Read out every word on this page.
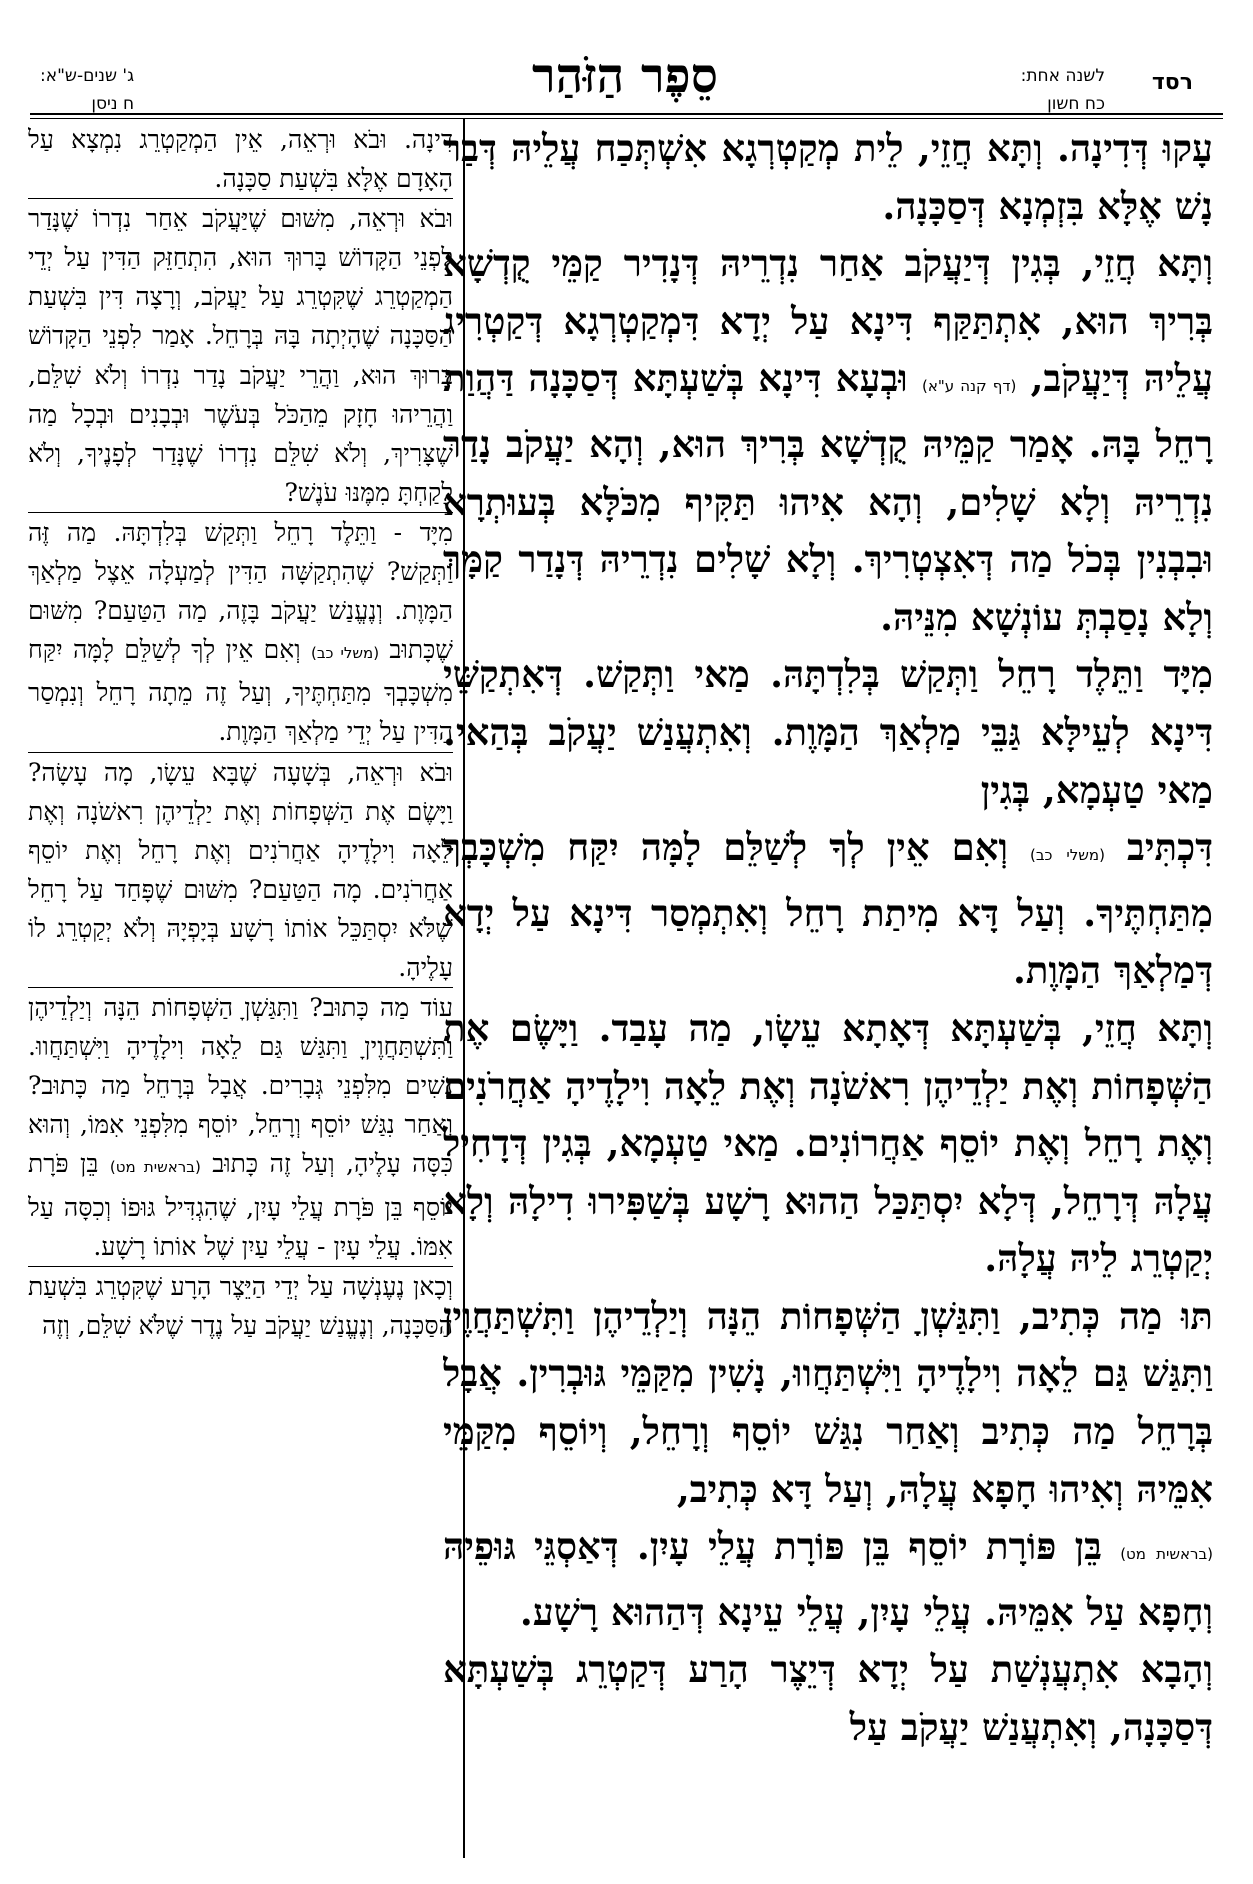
רסד
לשנה אחת:
כח חשון
סֵפֶר הַזֹּהַר
ג' שנים-ש"א:
ח ניסן

עָקוּ דְּדִינָה. וְתָּא חֲזֵי, לֵית מְקַטְרְגָא אִשְׁתְּכַח עֲלֵיהּ דְּבַר נָשׁ אֶלָּא בִּזְמְנָא דְּסַכָּנָה.

וְתָּא חֲזֵי, בְּגִין דְּיַעֲקֹב אַחַר נִדְרֵיהּ דְּנָדִיר קַמֵּי קֻדְשָׁא בְּרִיךְ הוּא, אִתְתַּקַּף דִּינָא עַל יְדָא דִּמְקַטְרְגָא דְּקַטְרִיג עֲלֵיהּ דְּיַעֲקֹב, (דף קנה ע"א) וּבְעָא דִּינָא בְּשַׁעְתָּא דְּסַכָּנָה דַּהֲוַת רָחֵל בָּהּ. אָמַר קַמֵּיהּ קֻדְשָׁא בְּרִיךְ הוּא, וְהָא יַעֲקֹב נָדַר נִדְרֵיהּ וְלָא שָׁלִים, וְהָא אִיהוּ תַּקִּיף מִכֹּלָּא בְּעוּתְרָא וּבִבְנִין בְּכֹל מַה דְּאִצְטְרִיךְ. וְלָא שָׁלִים נִדְרֵיהּ דְּנָדַר קַמָּךְ וְלָא נָסַבְתְּ עוֹנְשָׁא מִנֵּיהּ.

מִיָּד וַתֵּלֶד רָחֵל וַתְּקַשׁ בְּלִדְתָּהּ. מַאי וַתְּקַשׁ. דְּאִתְקַשֵּׁי דִּינָא לְעֵילָּא גַּבֵּי מַלְאַךְ הַמָּוֶת. וְאִתְעֲנַשׁ יַעֲקֹב בְּהַאי. מַאי טַעְמָא, בְּגִין

דִּכְתִּיב (משלי כב) וְאִם אֵין לְךָ לְשַׁלֵּם לָמָּה יִקַּח מִשְׁכָּבְךָ מִתַּחְתֶּיךָ. וְעַל דָּא מִיתַת רָחֵל וְאִתְמְסַר דִּינָא עַל יְדָא דְּמַלְאַךְ הַמָּוֶת.

וְתָּא חֲזֵי, בְּשַׁעְתָּא דְּאָתָא עֵשָׂו, מַה עָבַד. וַיָּשֶׂם אֶת הַשְּׁפָחוֹת וְאֶת יַלְדֵיהֶן רִאשֹׁנָה וְאֶת לֵאָה וִילָדֶיהָ אַחֲרֹנִים וְאֶת רָחֵל וְאֶת יוֹסֵף אַחֲרוֹנִים. מַאי טַעְמָא, בְּגִין דְּדָחִיל עֲלָהּ דְּרָחֵל, דְּלָא יִסְתַּכַּל הַהוּא רָשָׁע בְּשַׁפִּירוּ דִילָהּ וְלָא יְקַטְרֵג לֵיהּ עֲלָהּ.

תּוּ מַה כְּתִיב, וַתִּגַּשְׁןָ הַשְּׁפָחוֹת הֵנָּה וְיַלְדֵיהֶן וַתִּשְׁתַּחֲוֶיןָ וַתִּגַּשׁ גַּם לֵאָה וִילָדֶיהָ וַיִּשְׁתַּחֲווּ, נָשִׁין מִקַּמֵּי גּוּבְרִין. אֲבָל בְּרָחֵל מַה כְּתִיב וְאַחַר נִגַּשׁ יוֹסֵף וְרָחֵל, וְיוֹסֵף מִקַּמֵּי אִמֵּיהּ וְאִיהוּ חָפָא עֲלָהּ, וְעַל דָּא כְּתִיב,

(בראשית מט) בֵּן פּוֹרָת יוֹסֵף בֵּן פּוֹרָת עֲלֵי עָיִן. דְּאַסְגֵּי גּוּפֵיהּ וְחָפָא עַל אִמֵּיהּ. עֲלֵי עָיִן, עֲלֵי עֵינָא דְּהַהוּא רָשָׁע.

וְהָבָא אִתְעֲנְשַׁת עַל יְדָא דְּיֵצֶר הָרַע דְּקַטְרֵג בְּשַׁעְתָּא דְּסַכָּנָה, וְאִתְעֲנַשׁ יַעֲקֹב עַל

דִּינָה. וּבֹא וּרְאֵה, אֵין הַמְקַטְרֵג נִמְצָא עַל הָאָדָם אֶלָּא בִּשְׁעַת סַכָּנָה.

וּבֹא וּרְאֵה, מִשּׁוּם שֶׁיַּעֲקֹב אֵחַר נִדְרוֹ שֶׁנָּדַר לִפְנֵי הַקָּדוֹשׁ בָּרוּךְ הוּא, הִתְחַזֵּק הַדִּין עַל יְדֵי הַמְקַטְרֵג שֶׁקִּטְרֵג עַל יַעֲקֹב, וְרָצָה דִּין בִּשְׁעַת הַסַּכָּנָה שֶׁהָיְתָה בָּהּ בְּרָחֵל. אָמַר לִפְנֵי הַקָּדוֹשׁ בָּרוּךְ הוּא, וַהֲרֵי יַעֲקֹב נָדַר נִדְרוֹ וְלֹא שִׁלֵּם, וַהֲרֵיהוּ חָזָק מֵהַכֹּל בְּעֹשֶׁר וּבְבָנִים וּבְכָל מַה שֶׁצָּרִיךְ, וְלֹא שִׁלֵּם נִדְרוֹ שֶׁנָּדַר לְפָנֶיךָ, וְלֹא לָקַחְתָּ מִמֶּנּוּ עֹנֶשׁ?

מִיָּד - וַתֵּלֶד רָחֵל וַתְּקַשׁ בְּלִדְתָּהּ. מַה זֶּה וַתְּקַשׁ? שֶׁהִתְקַשָּׁה הַדִּין לְמַעְלָה אֵצֶל מַלְאַךְ הַמָּוֶת. וְנֶעֱנַשׁ יַעֲקֹב בָּזֶה, מַה הַטַּעַם? מִשּׁוּם שֶׁכָּתוּב (משלי כב) וְאִם אֵין לְךָ לְשַׁלֵּם לָמָּה יִקַּח מִשְׁכָּבְךָ מִתַּחְתֶּיךָ, וְעַל זֶה מֵתָה רָחֵל וְנִמְסַר הַדִּין עַל יְדֵי מַלְאַךְ הַמָּוֶת.

וּבֹא וּרְאֵה, בְּשָׁעָה שֶׁבָּא עֵשָׂו, מָה עָשָׂה? וַיָּשֶׂם אֶת הַשְּׁפָחוֹת וְאֶת יַלְדֵיהֶן רִאשֹׁנָה וְאֶת לֵאָה וִילָדֶיהָ אַחֲרֹנִים וְאֶת רָחֵל וְאֶת יוֹסֵף אַחֲרֹנִים. מָה הַטַּעַם? מִשּׁוּם שֶׁפָּחַד עַל רָחֵל שֶׁלֹּא יִסְתַּכֵּל אוֹתוֹ רָשָׁע בְּיָפְיָהּ וְלֹא יְקַטְרֵג לוֹ עָלֶיהָ.

עוֹד מַה כָּתוּב? וַתִּגַּשְׁןָ הַשְּׁפָחוֹת הֵנָּה וְיַלְדֵיהֶן וַתִּשְׁתַּחֲוֶיןָ וַתִּגַּשׁ גַּם לֵאָה וִילָדֶיהָ וַיִּשְׁתַּחֲווּ. נָשִׁים מִלִּפְנֵי גְּבָרִים. אֲבָל בְּרָחֵל מַה כָּתוּב? וְאַחַר נִגַּשׁ יוֹסֵף וְרָחֵל, יוֹסֵף מִלִּפְנֵי אִמּוֹ, וְהוּא כִּסָּה עָלֶיהָ, וְעַל זֶה כָּתוּב (בראשית מט) בֵּן פֹּרָת יוֹסֵף בֵּן פֹּרָת עֲלֵי עָיִן, שֶׁהִגְדִּיל גּוּפוֹ וְכִסָּה עַל אִמּוֹ. עֲלֵי עָיִן - עֲלֵי עַיִן שֶׁל אוֹתוֹ רָשָׁע.

וְכָאן נֶעֶנְשָׁה עַל יְדֵי הַיֵּצֶר הָרָע שֶׁקִּטְרֵג בִּשְׁעַת הַסַּכָּנָה, וְנֶעֱנַשׁ יַעֲקֹב עַל נֶדֶר שֶׁלֹּא שִׁלֵּם, וְזֶה
